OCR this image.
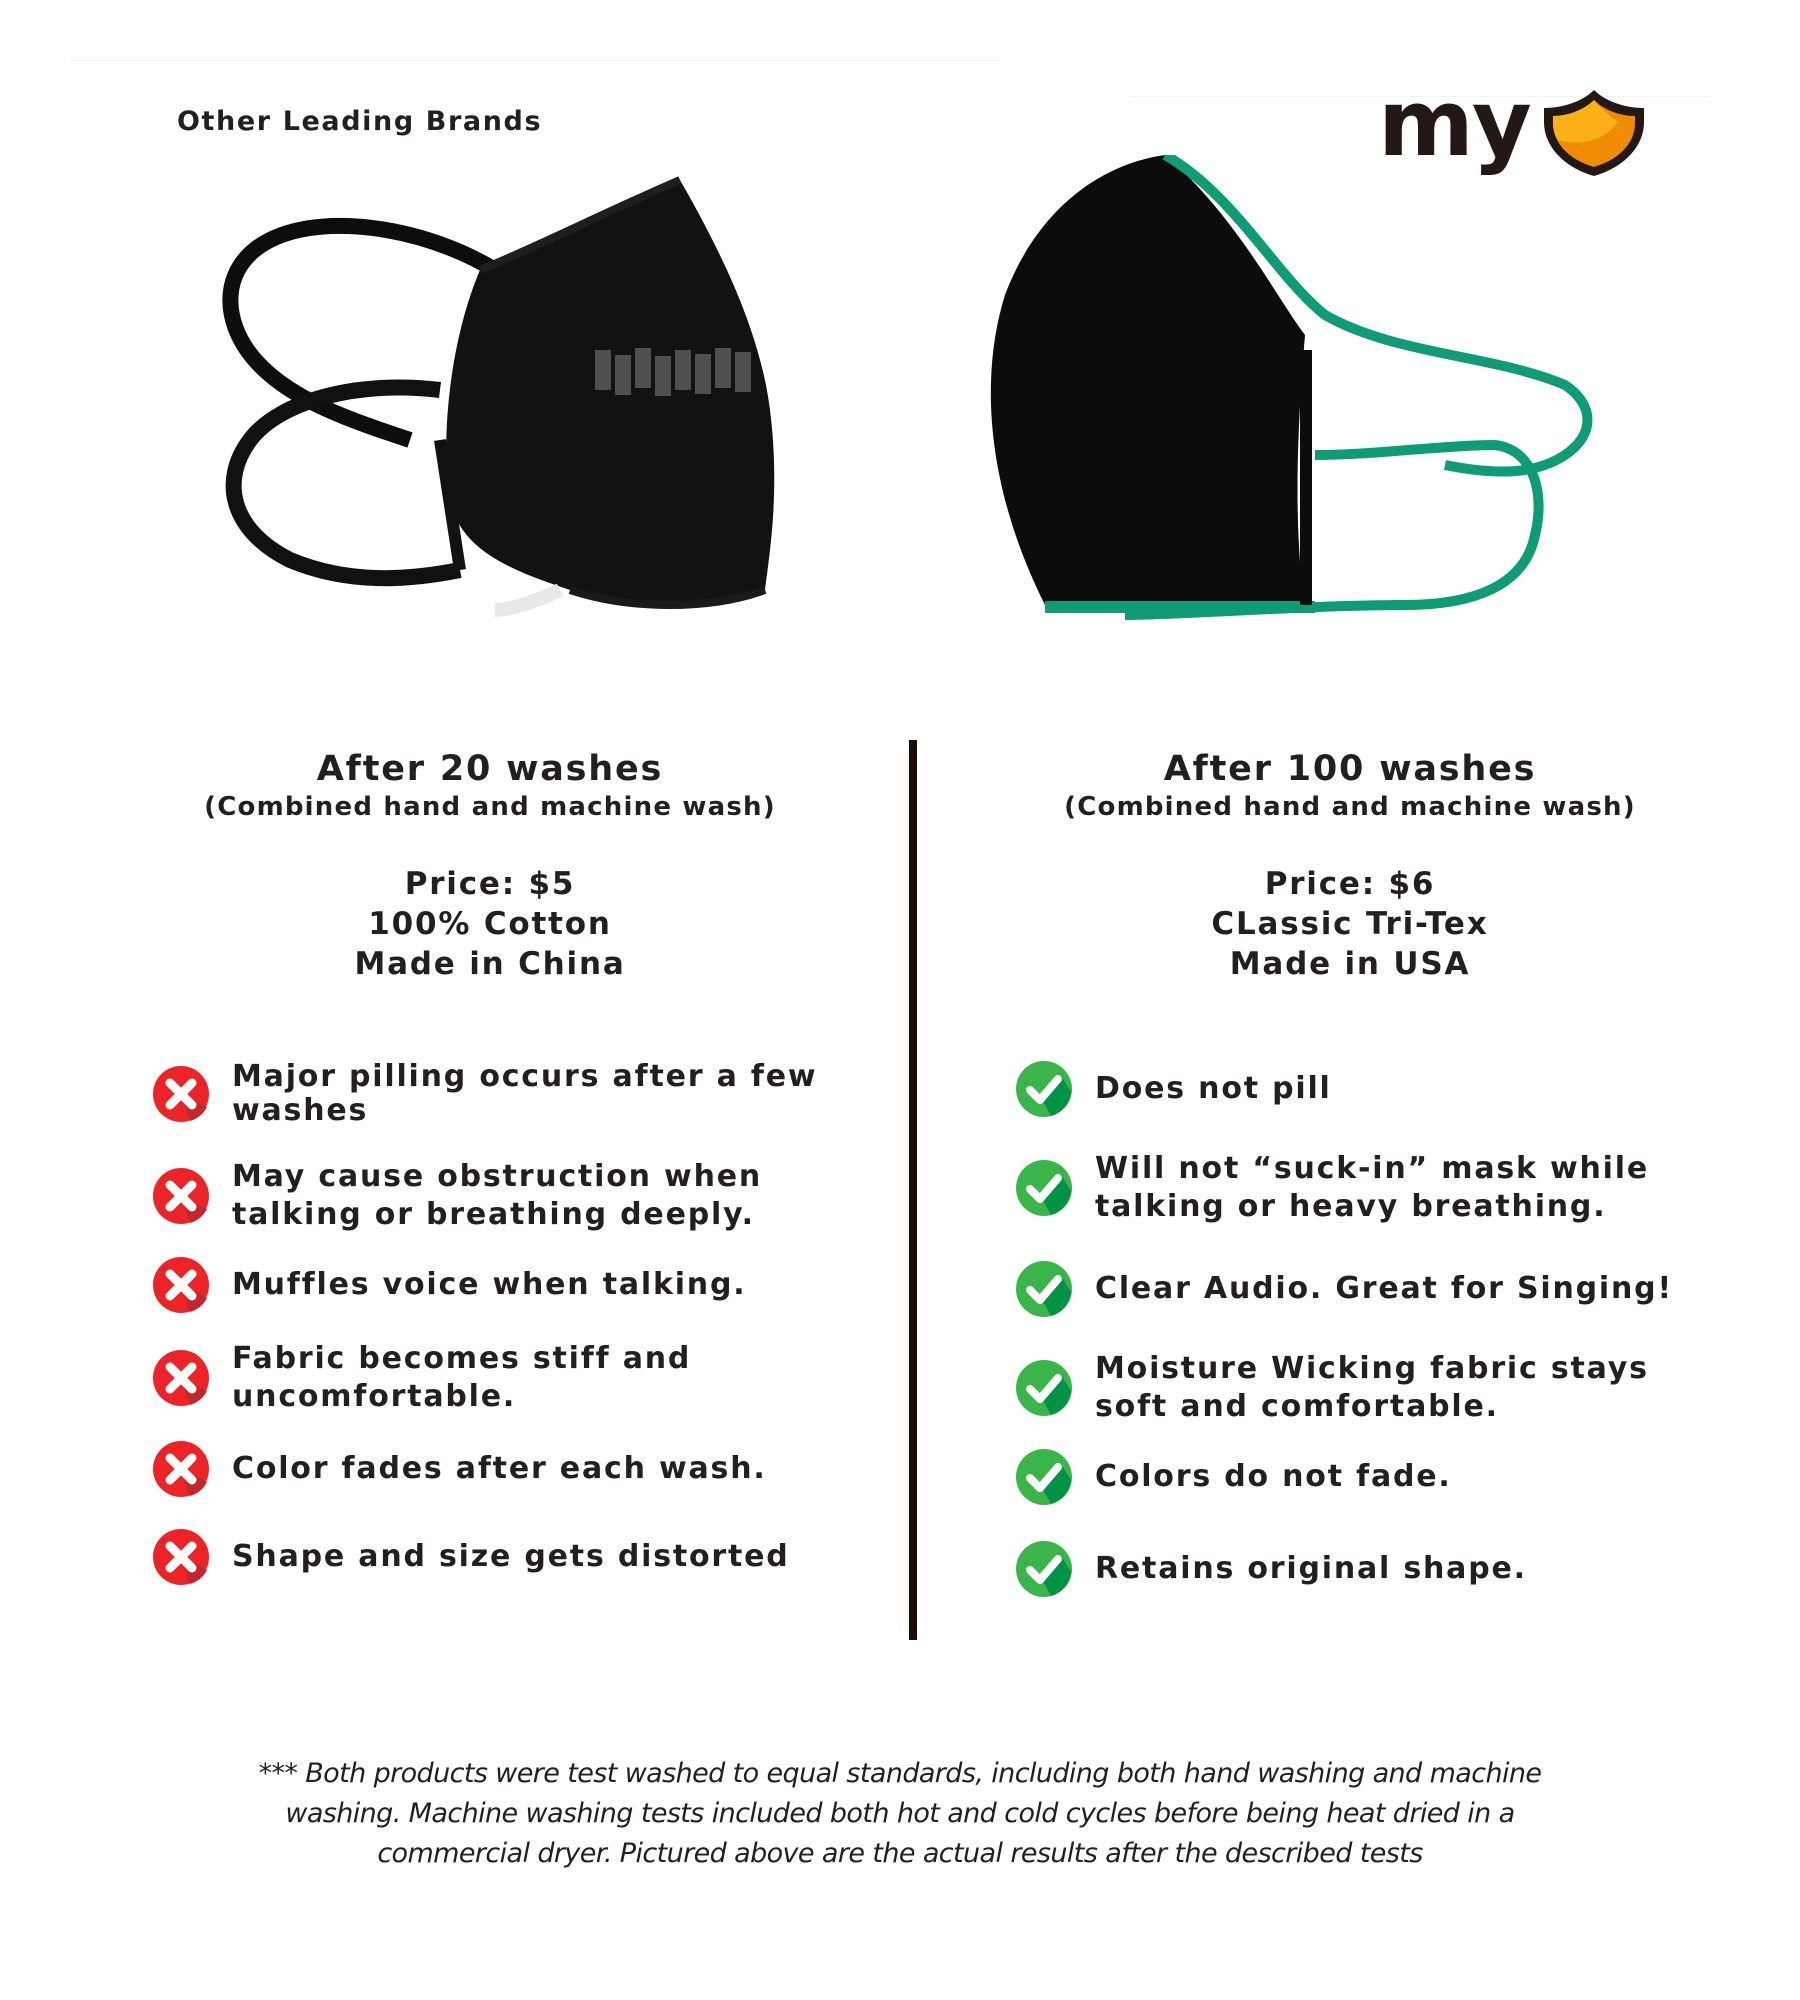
Other Leading Brands	my
After 20 washes
(Combined hand and machine wash)
Price: $5
100% Cotton
Made in China
After 100 washes
(Combined hand and machine wash)
Price: $6
CLassic Tri-Tex
Made in USA
Major pilling occurs after a few washes
May cause obstruction when talking or breathing deeply.
Muffles voice when talking.
Fabric becomes stiff and uncomfortable.
Color fades after each wash.
Shape and size gets distorted
Does not pill
Will not “suck-in” mask while talking or heavy breathing.
Clear Audio. Great for Singing!
Moisture Wicking fabric stays soft and comfortable.
Colors do not fade.
Retains original shape.
*** Both products were test washed to equal standards, including both hand washing and machine
washing. Machine washing tests included both hot and cold cycles before being heat dried in a
commercial dryer. Pictured above are the actual results after the described tests
